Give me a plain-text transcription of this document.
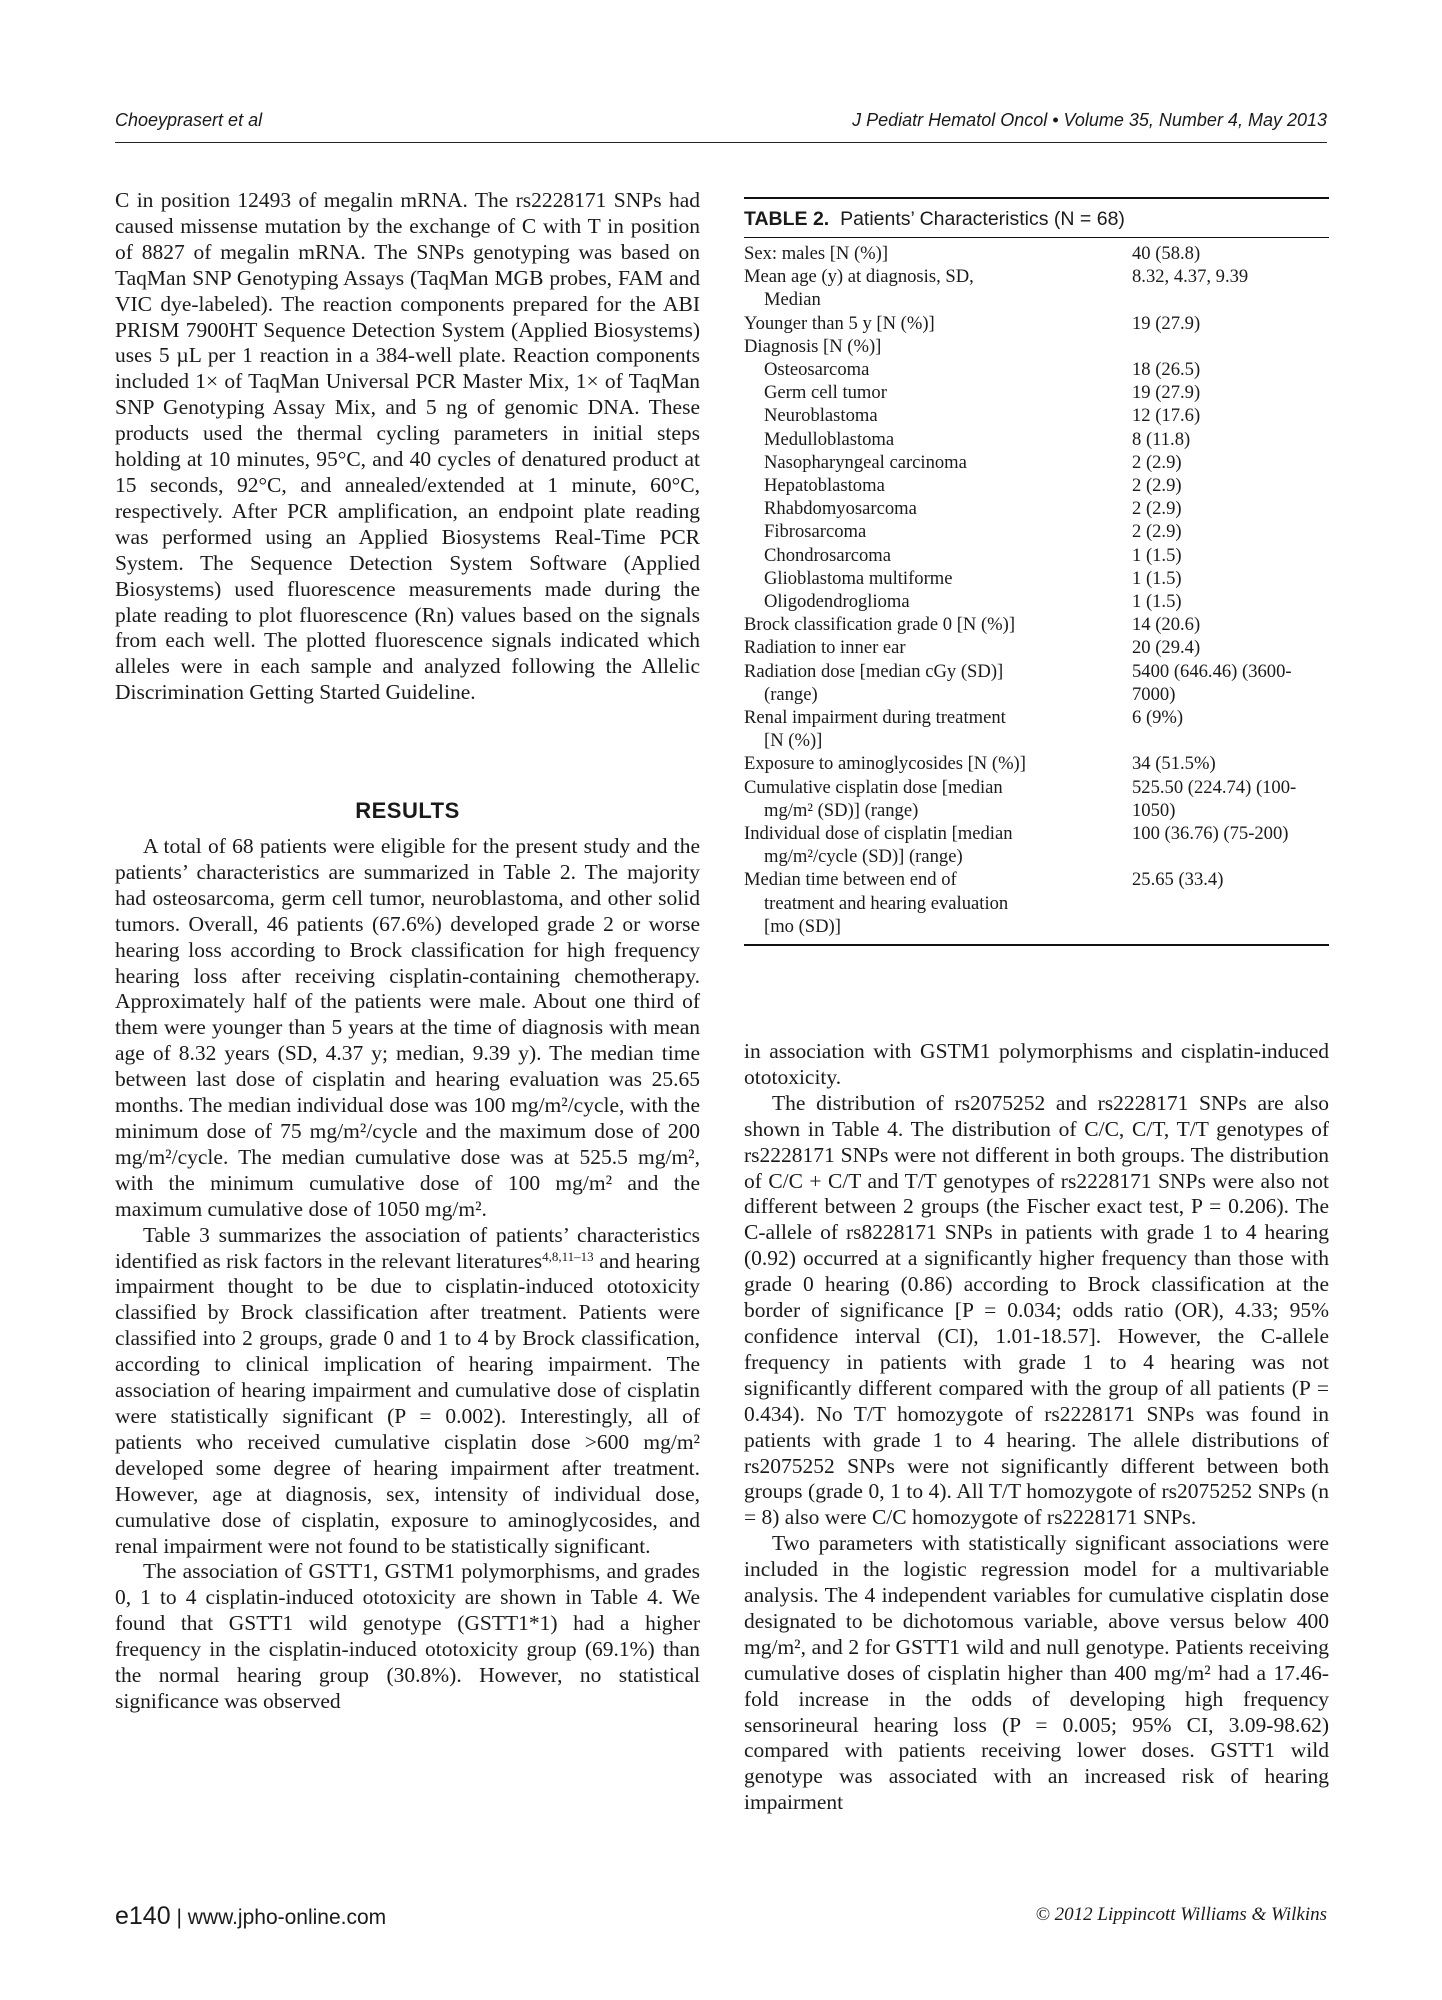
Choeyprasert et al	J Pediatr Hematol Oncol • Volume 35, Number 4, May 2013

C in position 12493 of megalin mRNA. The rs2228171 SNPs had caused missense mutation by the exchange of C with T in position of 8827 of megalin mRNA. The SNPs genotyping was based on TaqMan SNP Genotyping Assays (TaqMan MGB probes, FAM and VIC dye-labeled). The reaction components prepared for the ABI PRISM 7900HT Sequence Detection System (Applied Biosystems) uses 5 µL per 1 reaction in a 384-well plate. Reaction components included 1× of TaqMan Universal PCR Master Mix, 1× of TaqMan SNP Genotyping Assay Mix, and 5 ng of genomic DNA. These products used the thermal cycling parameters in initial steps holding at 10 minutes, 95°C, and 40 cycles of denatured product at 15 seconds, 92°C, and annealed/extended at 1 minute, 60°C, respectively. After PCR amplification, an endpoint plate reading was performed using an Applied Biosystems Real-Time PCR System. The Sequence Detection System Software (Applied Biosystems) used fluorescence measurements made during the plate reading to plot fluorescence (Rn) values based on the signals from each well. The plotted fluorescence signals indicated which alleles were in each sample and analyzed following the Allelic Discrimination Getting Started Guideline.

RESULTS

A total of 68 patients were eligible for the present study and the patients’ characteristics are summarized in Table 2. The majority had osteosarcoma, germ cell tumor, neuroblastoma, and other solid tumors. Overall, 46 patients (67.6%) developed grade 2 or worse hearing loss according to Brock classification for high frequency hearing loss after receiving cisplatin-containing chemotherapy. Approximately half of the patients were male. About one third of them were younger than 5 years at the time of diagnosis with mean age of 8.32 years (SD, 4.37 y; median, 9.39 y). The median time between last dose of cisplatin and hearing evaluation was 25.65 months. The median individual dose was 100 mg/m²/cycle, with the minimum dose of 75 mg/m²/cycle and the maximum dose of 200 mg/m²/cycle. The median cumulative dose was at 525.5 mg/m², with the minimum cumulative dose of 100 mg/m² and the maximum cumulative dose of 1050 mg/m².

Table 3 summarizes the association of patients’ characteristics identified as risk factors in the relevant literatures$^{4,8,11-13}$ and hearing impairment thought to be due to cisplatin-induced ototoxicity classified by Brock classification after treatment. Patients were classified into 2 groups, grade 0 and 1 to 4 by Brock classification, according to clinical implication of hearing impairment. The association of hearing impairment and cumulative dose of cisplatin were statistically significant (P = 0.002). Interestingly, all of patients who received cumulative cisplatin dose >600 mg/m² developed some degree of hearing impairment after treatment. However, age at diagnosis, sex, intensity of individual dose, cumulative dose of cisplatin, exposure to aminoglycosides, and renal impairment were not found to be statistically significant.

The association of GSTT1, GSTM1 polymorphisms, and grades 0, 1 to 4 cisplatin-induced ototoxicity are shown in Table 4. We found that GSTT1 wild genotype (GSTT1*1) had a higher frequency in the cisplatin-induced ototoxicity group (69.1%) than the normal hearing group (30.8%). However, no statistical significance was observed

TABLE 2. Patients’ Characteristics (N = 68)
Sex: males [N (%)]	40 (58.8)
Mean age (y) at diagnosis, SD,
Median	8.32, 4.37, 9.39
Younger than 5 y [N (%)]	19 (27.9)
Diagnosis [N (%)]	
Osteosarcoma	18 (26.5)
Germ cell tumor	19 (27.9)
Neuroblastoma	12 (17.6)
Medulloblastoma	8 (11.8)
Nasopharyngeal carcinoma	2 (2.9)
Hepatoblastoma	2 (2.9)
Rhabdomyosarcoma	2 (2.9)
Fibrosarcoma	2 (2.9)
Chondrosarcoma	1 (1.5)
Glioblastoma multiforme	1 (1.5)
Oligodendroglioma	1 (1.5)
Brock classification grade 0 [N (%)]	14 (20.6)
Radiation to inner ear	20 (29.4)
Radiation dose [median cGy (SD)]
(range)	5400 (646.46) (3600-7000)
Renal impairment during treatment
[N (%)]	6 (9%)
Exposure to aminoglycosides [N (%)]	34 (51.5%)
Cumulative cisplatin dose [median
mg/m² (SD)] (range)	525.50 (224.74) (100-1050)
Individual dose of cisplatin [median
mg/m²/cycle (SD)] (range)	100 (36.76) (75-200)
Median time between end of
treatment and hearing evaluation
[mo (SD)]	25.65 (33.4)

in association with GSTM1 polymorphisms and cisplatin-induced ototoxicity.

The distribution of rs2075252 and rs2228171 SNPs are also shown in Table 4. The distribution of C/C, C/T, T/T genotypes of rs2228171 SNPs were not different in both groups. The distribution of C/C + C/T and T/T genotypes of rs2228171 SNPs were also not different between 2 groups (the Fischer exact test, P = 0.206). The C-allele of rs8228171 SNPs in patients with grade 1 to 4 hearing (0.92) occurred at a significantly higher frequency than those with grade 0 hearing (0.86) according to Brock classification at the border of significance [P = 0.034; odds ratio (OR), 4.33; 95% confidence interval (CI), 1.01-18.57]. However, the C-allele frequency in patients with grade 1 to 4 hearing was not significantly different compared with the group of all patients (P = 0.434). No T/T homozygote of rs2228171 SNPs was found in patients with grade 1 to 4 hearing. The allele distributions of rs2075252 SNPs were not significantly different between both groups (grade 0, 1 to 4). All T/T homozygote of rs2075252 SNPs (n = 8) also were C/C homozygote of rs2228171 SNPs.

Two parameters with statistically significant associations were included in the logistic regression model for a multivariable analysis. The 4 independent variables for cumulative cisplatin dose designated to be dichotomous variable, above versus below 400 mg/m², and 2 for GSTT1 wild and null genotype. Patients receiving cumulative doses of cisplatin higher than 400 mg/m² had a 17.46-fold increase in the odds of developing high frequency sensorineural hearing loss (P = 0.005; 95% CI, 3.09-98.62) compared with patients receiving lower doses. GSTT1 wild genotype was associated with an increased risk of hearing impairment

e140 | www.jpho-online.com	© 2012 Lippincott Williams & Wilkins
